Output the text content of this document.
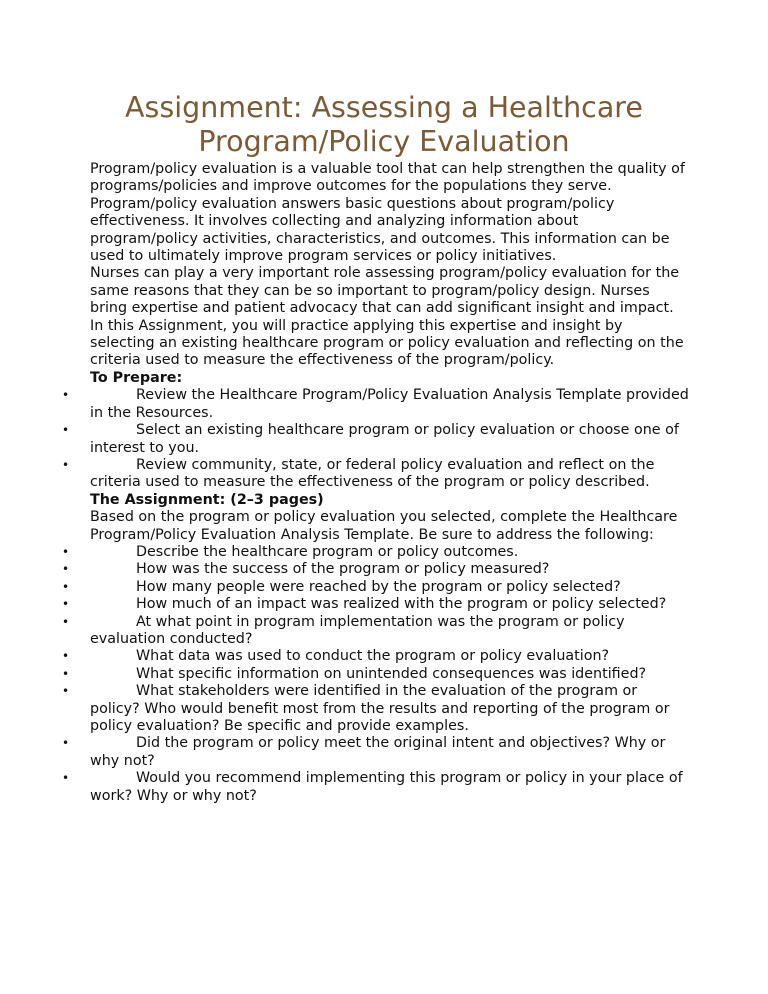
Assignment: Assessing a Healthcare Program/Policy Evaluation

Program/policy evaluation is a valuable tool that can help strengthen the quality of programs/policies and improve outcomes for the populations they serve. Program/policy evaluation answers basic questions about program/policy effectiveness. It involves collecting and analyzing information about program/policy activities, characteristics, and outcomes. This information can be used to ultimately improve program services or policy initiatives.

Nurses can play a very important role assessing program/policy evaluation for the same reasons that they can be so important to program/policy design. Nurses bring expertise and patient advocacy that can add significant insight and impact. In this Assignment, you will practice applying this expertise and insight by selecting an existing healthcare program or policy evaluation and reflecting on the criteria used to measure the effectiveness of the program/policy.

To Prepare:

•	Review the Healthcare Program/Policy Evaluation Analysis Template provided in the Resources.
•	Select an existing healthcare program or policy evaluation or choose one of interest to you.
•	Review community, state, or federal policy evaluation and reflect on the criteria used to measure the effectiveness of the program or policy described.

The Assignment: (2–3 pages)

Based on the program or policy evaluation you selected, complete the Healthcare Program/Policy Evaluation Analysis Template. Be sure to address the following:

•	Describe the healthcare program or policy outcomes.
•	How was the success of the program or policy measured?
•	How many people were reached by the program or policy selected?
•	How much of an impact was realized with the program or policy selected?
•	At what point in program implementation was the program or policy evaluation conducted?
•	What data was used to conduct the program or policy evaluation?
•	What specific information on unintended consequences was identified?
•	What stakeholders were identified in the evaluation of the program or policy? Who would benefit most from the results and reporting of the program or policy evaluation? Be specific and provide examples.
•	Did the program or policy meet the original intent and objectives? Why or why not?
•	Would you recommend implementing this program or policy in your place of work? Why or why not?
